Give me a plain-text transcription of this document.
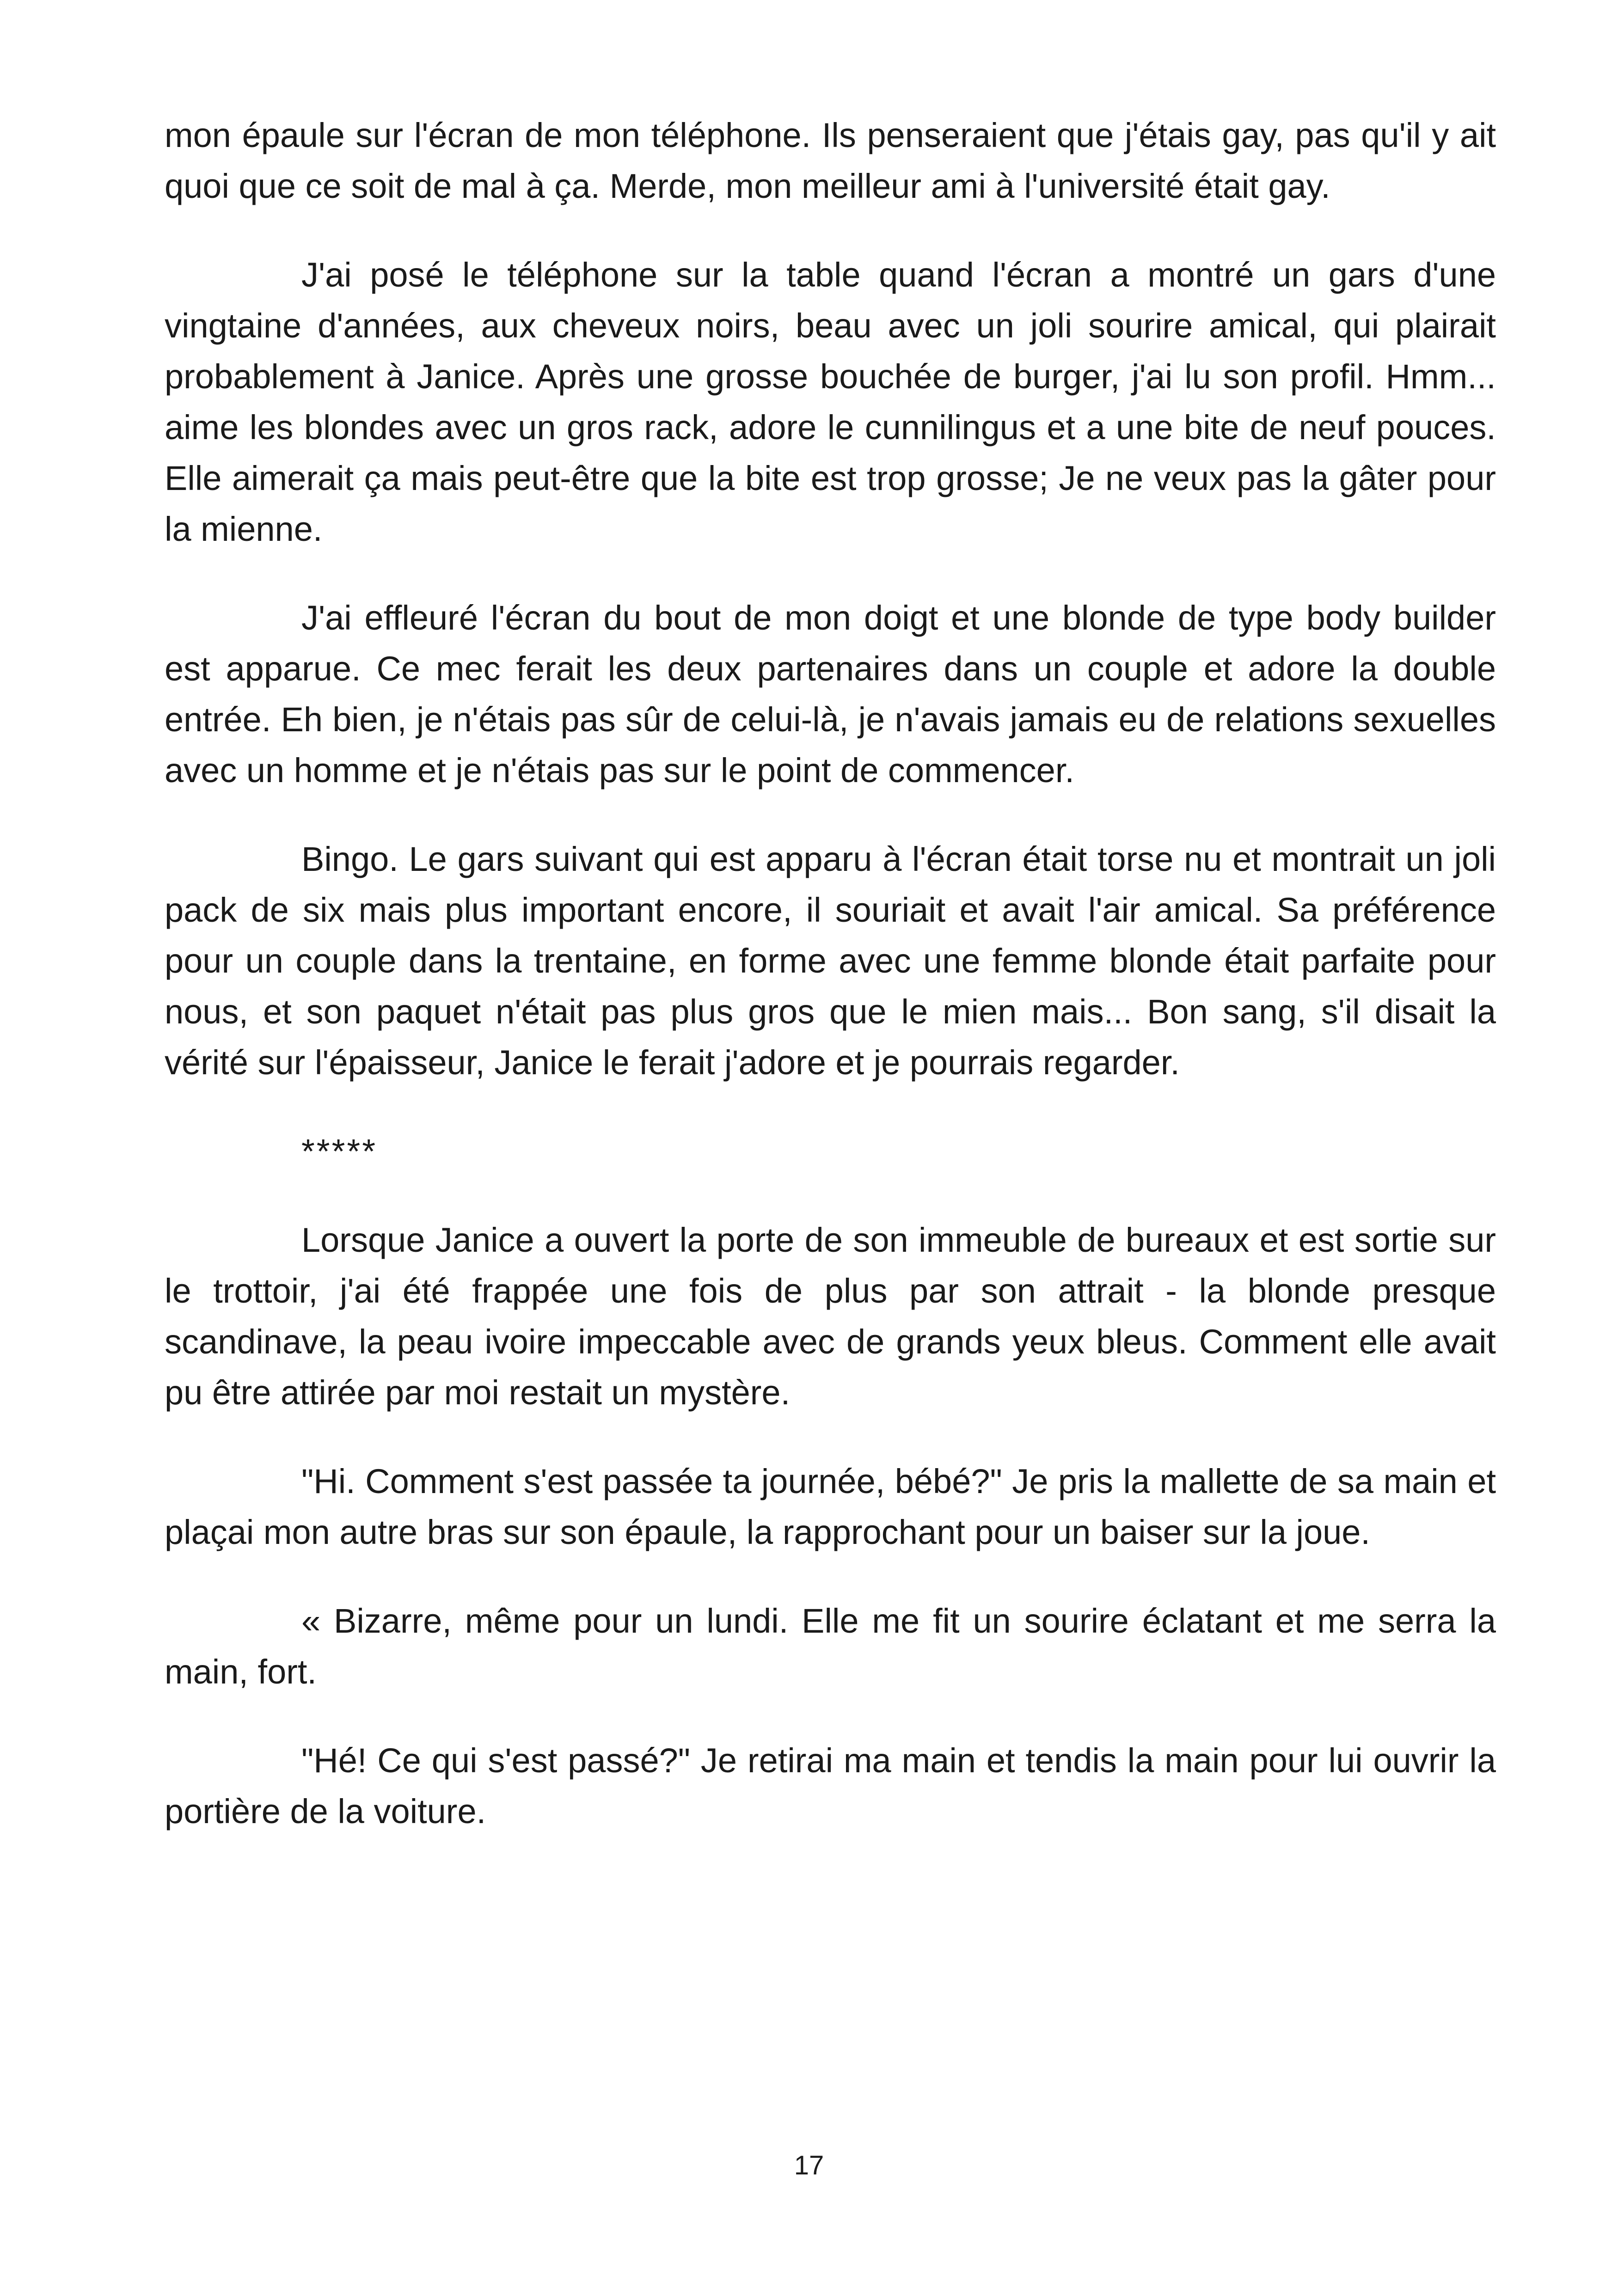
mon épaule sur l'écran de mon téléphone. Ils penseraient que j'étais gay, pas qu'il y ait quoi que ce soit de mal à ça. Merde, mon meilleur ami à l'université était gay.

J'ai posé le téléphone sur la table quand l'écran a montré un gars d'une vingtaine d'années, aux cheveux noirs, beau avec un joli sourire amical, qui plairait probablement à Janice. Après une grosse bouchée de burger, j'ai lu son profil. Hmm... aime les blondes avec un gros rack, adore le cunnilingus et a une bite de neuf pouces. Elle aimerait ça mais peut-être que la bite est trop grosse; Je ne veux pas la gâter pour la mienne.

J'ai effleuré l'écran du bout de mon doigt et une blonde de type body builder est apparue. Ce mec ferait les deux partenaires dans un couple et adore la double entrée. Eh bien, je n'étais pas sûr de celui-là, je n'avais jamais eu de relations sexuelles avec un homme et je n'étais pas sur le point de commencer.

Bingo. Le gars suivant qui est apparu à l'écran était torse nu et montrait un joli pack de six mais plus important encore, il souriait et avait l'air amical. Sa préférence pour un couple dans la trentaine, en forme avec une femme blonde était parfaite pour nous, et son paquet n'était pas plus gros que le mien mais... Bon sang, s'il disait la vérité sur l'épaisseur, Janice le ferait j'adore et je pourrais regarder.

*****

Lorsque Janice a ouvert la porte de son immeuble de bureaux et est sortie sur le trottoir, j'ai été frappée une fois de plus par son attrait - la blonde presque scandinave, la peau ivoire impeccable avec de grands yeux bleus. Comment elle avait pu être attirée par moi restait un mystère.

"Hi. Comment s'est passée ta journée, bébé?" Je pris la mallette de sa main et plaçai mon autre bras sur son épaule, la rapprochant pour un baiser sur la joue.

« Bizarre, même pour un lundi. Elle me fit un sourire éclatant et me serra la main, fort.

"Hé! Ce qui s'est passé?" Je retirai ma main et tendis la main pour lui ouvrir la portière de la voiture.

17
